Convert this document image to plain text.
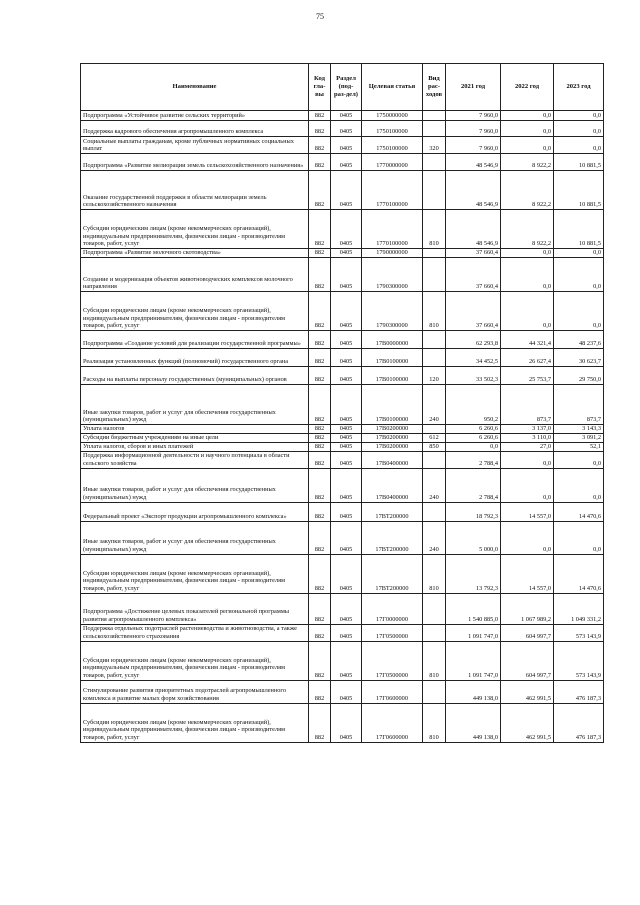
75
Наименование	Код гла-вы	Раздел (под-раз-дел)	Целевая статья	Вид рас-ходов	2021 год	2022 год	2023 год
Подпрограмма «Устойчивое развитие сельских территорий»	882	0405	1750000000		7 960,0	0,0	0,0
Поддержка кадрового обеспечения агропромышленного комплекса	882	0405	1750100000		7 960,0	0,0	0,0
Социальные выплаты гражданам, кроме публичных нормативных социальных выплат	882	0405	1750100000	320	7 960,0	0,0	0,0
Подпрограмма «Развитие мелиорации земель сельскохозяйственного назначения»	882	0405	1770000000		48 546,9	8 922,2	10 881,5
Оказание государственной поддержки в области мелиорации земель сельскохозяйственного назначения	882	0405	1770100000		48 546,9	8 922,2	10 881,5
Субсидии юридическим лицам (кроме некоммерческих организаций), индивидуальным предпринимателям, физическим лицам - производителям товаров, работ, услуг	882	0405	1770100000	810	48 546,9	8 922,2	10 881,5
Подпрограмма «Развитие молочного скотоводства»	882	0405	1790000000		37 660,4	0,0	0,0
Создание и модернизация объектов животноводческих комплексов молочного направления	882	0405	1790300000		37 660,4	0,0	0,0
Субсидии юридическим лицам (кроме некоммерческих организаций), индивидуальным предпринимателям, физическим лицам - производителям товаров, работ, услуг	882	0405	1790300000	810	37 660,4	0,0	0,0
Подпрограмма «Создание условий для реализации государственной программы»	882	0405	17В0000000		62 293,8	44 321,4	48 237,6
Реализация установленных функций (полномочий) государственного органа	882	0405	17В0100000		34 452,5	26 627,4	30 623,7
Расходы на выплаты персоналу государственных (муниципальных) органов	882	0405	17В0100000	120	33 502,3	25 753,7	29 750,0
Иные закупки товаров, работ и услуг для обеспечения государственных (муниципальных) нужд	882	0405	17В0100000	240	950,2	873,7	873,7
Уплата налогов	882	0405	17В0200000		6 260,6	3 137,0	3 143,3
Субсидии бюджетным учреждениям на иные цели	882	0405	17В0200000	612	6 260,6	3 110,0	3 091,2
Уплата налогов, сборов и иных платежей	882	0405	17В0200000	850	0,0	27,0	52,1
Поддержка информационной деятельности и научного потенциала в области сельского хозяйства	882	0405	17В0400000		2 788,4	0,0	0,0
Иные закупки товаров, работ и услуг для обеспечения государственных (муниципальных) нужд	882	0405	17В0400000	240	2 788,4	0,0	0,0
Федеральный проект «Экспорт продукции агропромышленного комплекса»	882	0405	17ВТ200000		18 792,3	14 557,0	14 470,6
Иные закупки товаров, работ и услуг для обеспечения государственных (муниципальных) нужд	882	0405	17ВТ200000	240	5 000,0	0,0	0,0
Субсидии юридическим лицам (кроме некоммерческих организаций), индивидуальным предпринимателям, физическим лицам - производителям товаров, работ, услуг	882	0405	17ВТ200000	810	13 792,3	14 557,0	14 470,6
Подпрограмма «Достижение целевых показателей региональной программы развития агропромышленного комплекса»	882	0405	17Г0000000		1 540 885,0	1 067 989,2	1 049 331,2
Поддержка отдельных подотраслей растениеводства и животноводства, а также сельскохозяйственного страхования	882	0405	17Г0500000		1 091 747,0	604 997,7	573 143,9
Субсидии юридическим лицам (кроме некоммерческих организаций), индивидуальным предпринимателям, физическим лицам - производителям товаров, работ, услуг	882	0405	17Г0500000	810	1 091 747,0	604 997,7	573 143,9
Стимулирование развития приоритетных подотраслей агропромышленного комплекса и развитие малых форм хозяйствования	882	0405	17Г0600000		449 138,0	462 991,5	476 187,3
Субсидии юридическим лицам (кроме некоммерческих организаций), индивидуальным предпринимателям, физическим лицам - производителям товаров, работ, услуг	882	0405	17Г0600000	810	449 138,0	462 991,5	476 187,3
